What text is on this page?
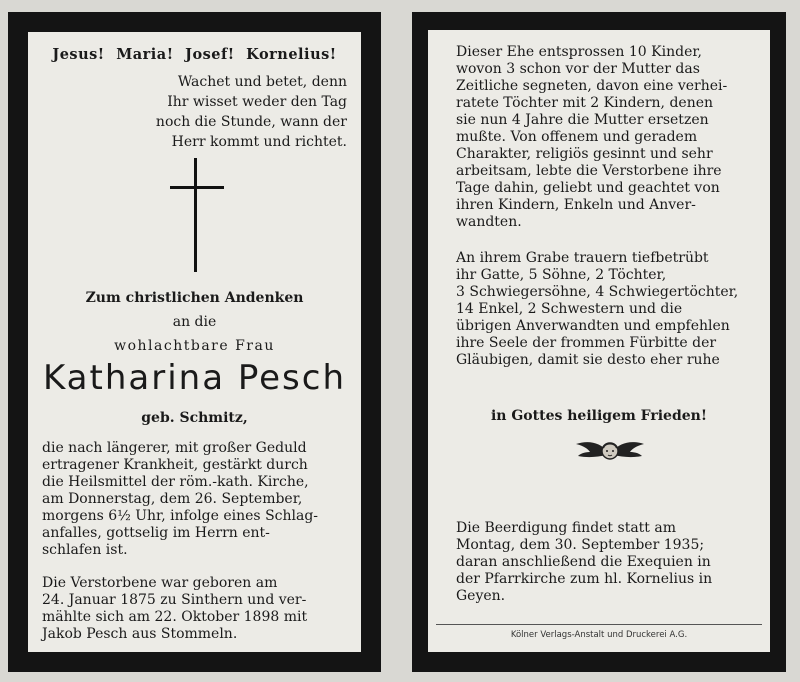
Jesus! Maria! Josef! Kornelius!
Wachet und betet, denn
Ihr wisset weder den Tag
noch die Stunde, wann der
Herr kommt und richtet.
Zum christlichen Andenken
an die
wohlachtbare Frau
Katharina Pesch
geb. Schmitz,
die nach längerer, mit großer Geduld
ertragener Krankheit, gestärkt durch
die Heilsmittel der röm.-kath. Kirche,
am Donnerstag, dem 26. September,
morgens 6½ Uhr, infolge eines Schlag-
anfalles, gottselig im Herrn ent-
schlafen ist.
Die Verstorbene war geboren am
24. Januar 1875 zu Sinthern und ver-
mählte sich am 22. Oktober 1898 mit
Jakob Pesch aus Stommeln.
Dieser Ehe entsprossen 10 Kinder,
wovon 3 schon vor der Mutter das
Zeitliche segneten, davon eine verhei-
ratete Töchter mit 2 Kindern, denen
sie nun 4 Jahre die Mutter ersetzen
mußte. Von offenem und geradem
Charakter, religiös gesinnt und sehr
arbeitsam, lebte die Verstorbene ihre
Tage dahin, geliebt und geachtet von
ihren Kindern, Enkeln und Anver-
wandten.
An ihrem Grabe trauern tiefbetrübt
ihr Gatte, 5 Söhne, 2 Töchter,
3 Schwiegersöhne, 4 Schwiegertöchter,
14 Enkel, 2 Schwestern und die
übrigen Anverwandten und empfehlen
ihre Seele der frommen Fürbitte der
Gläubigen, damit sie desto eher ruhe
in Gottes heiligem Frieden!
Die Beerdigung findet statt am
Montag, dem 30. September 1935;
daran anschließend die Exequien in
der Pfarrkirche zum hl. Kornelius in
Geyen.
Kölner Verlags-Anstalt und Druckerei A.G.
